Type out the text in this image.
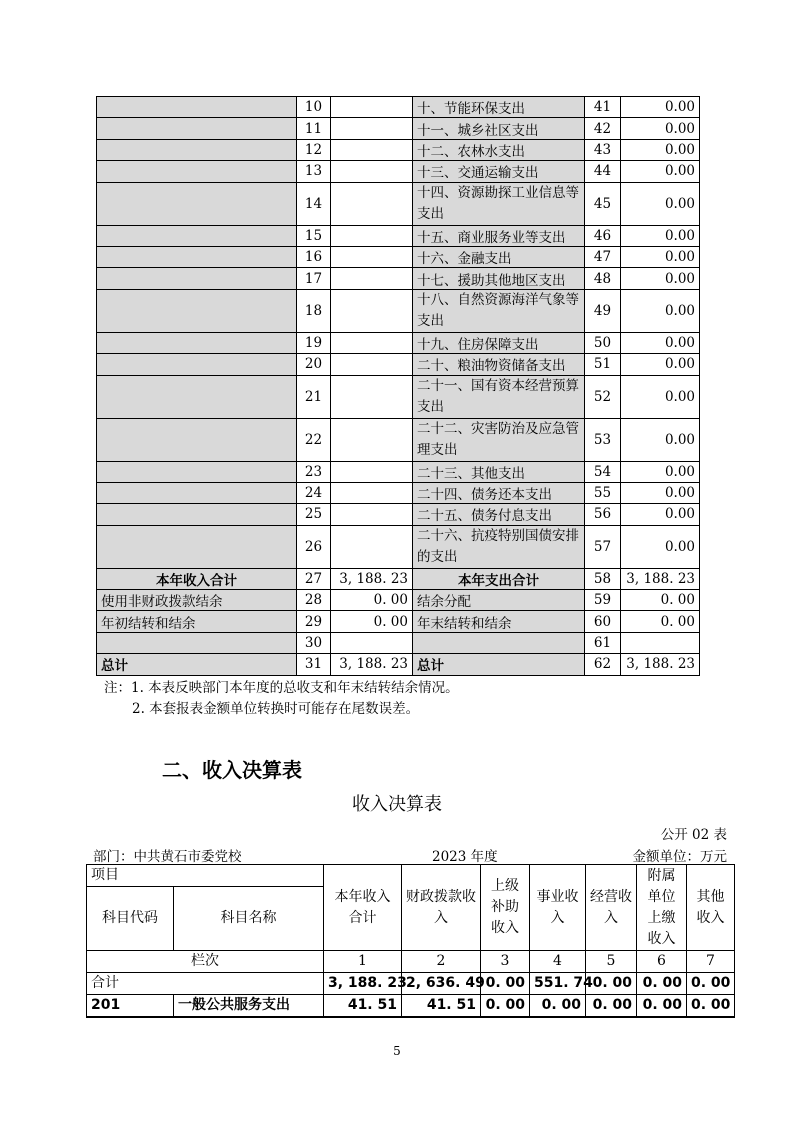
	10		十、节能环保支出	41	0.00
	11		十一、城乡社区支出	42	0.00
	12		十二、农林水支出	43	0.00
	13		十三、交通运输支出	44	0.00
	14		十四、资源勘探工业信息等支出	45	0.00
	15		十五、商业服务业等支出	46	0.00
	16		十六、金融支出	47	0.00
	17		十七、援助其他地区支出	48	0.00
	18		十八、自然资源海洋气象等支出	49	0.00
	19		十九、住房保障支出	50	0.00
	20		二十、粮油物资储备支出	51	0.00
	21		二十一、国有资本经营预算支出	52	0.00
	22		二十二、灾害防治及应急管理支出	53	0.00
	23		二十三、其他支出	54	0.00
	24		二十四、债务还本支出	55	0.00
	25		二十五、债务付息支出	56	0.00
	26		二十六、抗疫特别国债安排的支出	57	0.00
本年收入合计	27	3, 188. 23	本年支出合计	58	3, 188. 23
使用非财政拨款结余	28	0. 00	结余分配	59	0. 00
年初结转和结余	29	0. 00	年末结转和结余	60	0. 00
	30			61	
总计	31	3, 188. 23	总计	62	3, 188. 23
注：1. 本表反映部门本年度的总收支和年末结转结余情况。
2. 本套报表金额单位转换时可能存在尾数误差。
二、收入决算表
收入决算表
公开 02 表
部门：中共黄石市委党校	2023 年度	金额单位：万元
项目		本年收入合计	财政拨款收入	上级补助收入	事业收入	经营收入	附属单位上缴收入	其他收入
科目代码	科目名称							
栏次		1	2	3	4	5	6	7
合计		3, 188. 23	2, 636. 49	0. 00	551. 74	0. 00	0. 00	0. 00
201	一般公共服务支出	41. 51	41. 51	0. 00	0. 00	0. 00	0. 00	0. 00
5
